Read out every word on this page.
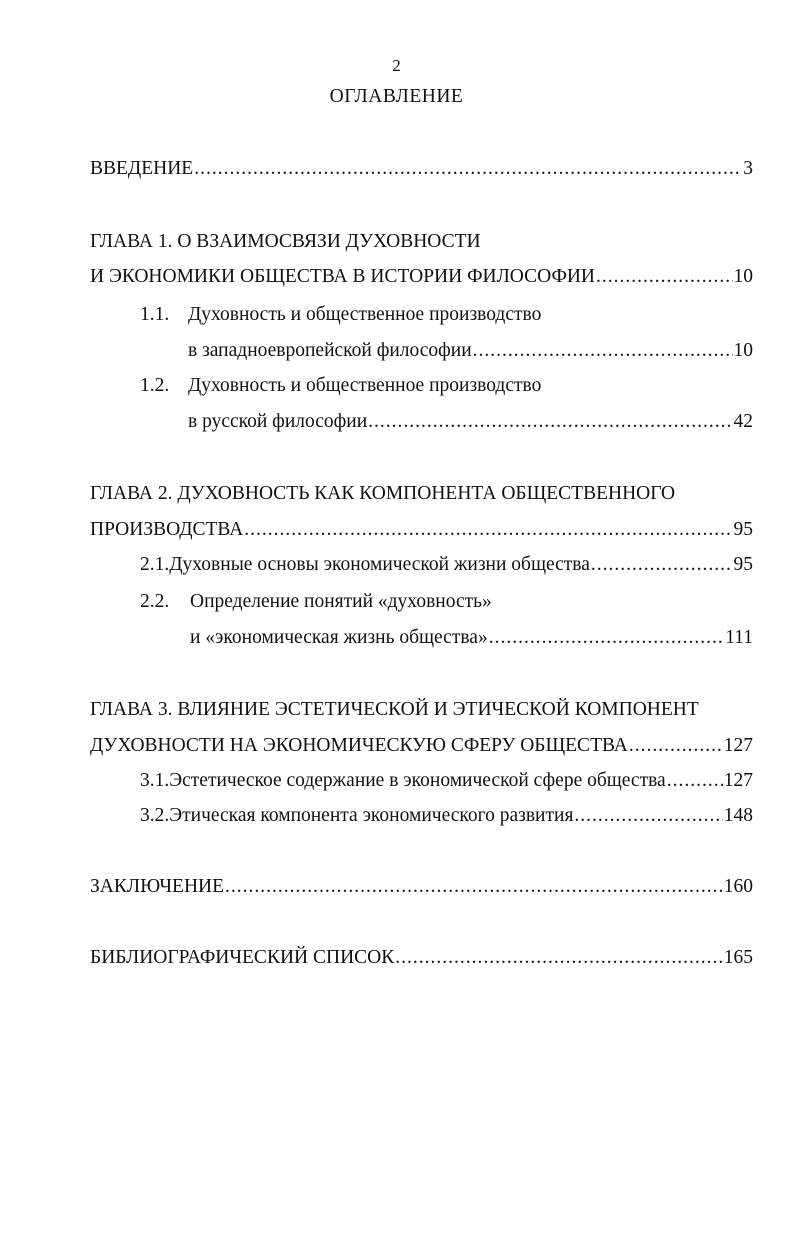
2
ОГЛАВЛЕНИЕ
ВВЕДЕНИЕ .....	3
ГЛАВА 1. О ВЗАИМОСВЯЗИ ДУХОВНОСТИ
И ЭКОНОМИКИ ОБЩЕСТВА В ИСТОРИИ ФИЛОСОФИИ .....	10
1.1. Духовность и общественное производство
в западноевропейской философии .....	10
1.2. Духовность и общественное производство
в русской философии .....	42
ГЛАВА 2. ДУХОВНОСТЬ КАК КОМПОНЕНТА ОБЩЕСТВЕННОГО
ПРОИЗВОДСТВА .....	95
2.1. Духовные основы экономической жизни общества .....	95
2.2. Определение понятий «духовность»
и «экономическая жизнь общества» .....	111
ГЛАВА 3. ВЛИЯНИЕ ЭСТЕТИЧЕСКОЙ И ЭТИЧЕСКОЙ КОМПОНЕНТ
ДУХОВНОСТИ НА ЭКОНОМИЧЕСКУЮ СФЕРУ ОБЩЕСТВА .....	127
3.1. Эстетическое содержание в экономической сфере общества .....	127
3.2. Этическая компонента экономического развития .....	148
ЗАКЛЮЧЕНИЕ .....	160
БИБЛИОГРАФИЧЕСКИЙ СПИСОК .....	165
